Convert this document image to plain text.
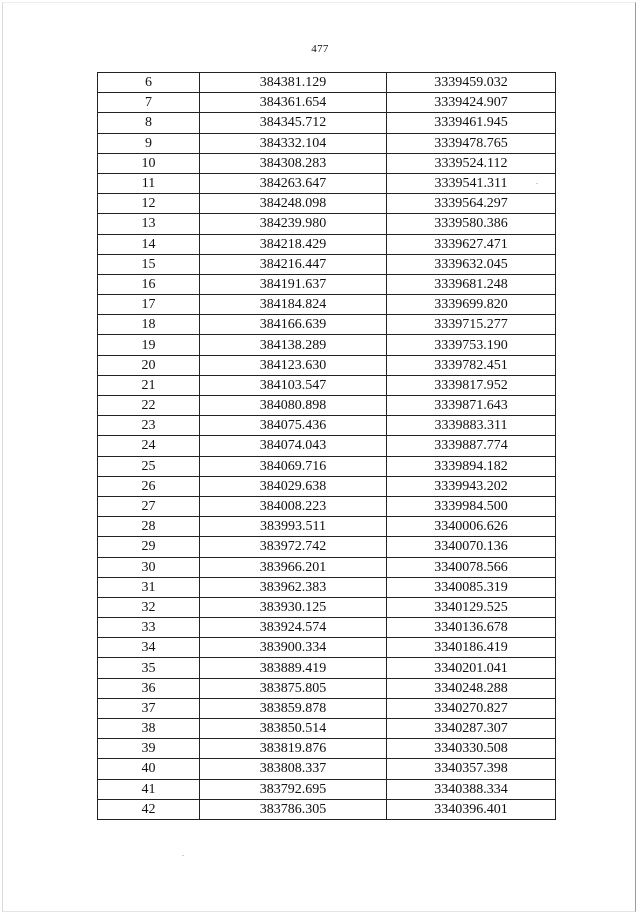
477
6	384381.129	3339459.032
7	384361.654	3339424.907
8	384345.712	3339461.945
9	384332.104	3339478.765
10	384308.283	3339524.112
11	384263.647	3339541.311
12	384248.098	3339564.297
13	384239.980	3339580.386
14	384218.429	3339627.471
15	384216.447	3339632.045
16	384191.637	3339681.248
17	384184.824	3339699.820
18	384166.639	3339715.277
19	384138.289	3339753.190
20	384123.630	3339782.451
21	384103.547	3339817.952
22	384080.898	3339871.643
23	384075.436	3339883.311
24	384074.043	3339887.774
25	384069.716	3339894.182
26	384029.638	3339943.202
27	384008.223	3339984.500
28	383993.511	3340006.626
29	383972.742	3340070.136
30	383966.201	3340078.566
31	383962.383	3340085.319
32	383930.125	3340129.525
33	383924.574	3340136.678
34	383900.334	3340186.419
35	383889.419	3340201.041
36	383875.805	3340248.288
37	383859.878	3340270.827
38	383850.514	3340287.307
39	383819.876	3340330.508
40	383808.337	3340357.398
41	383792.695	3340388.334
42	383786.305	3340396.401
